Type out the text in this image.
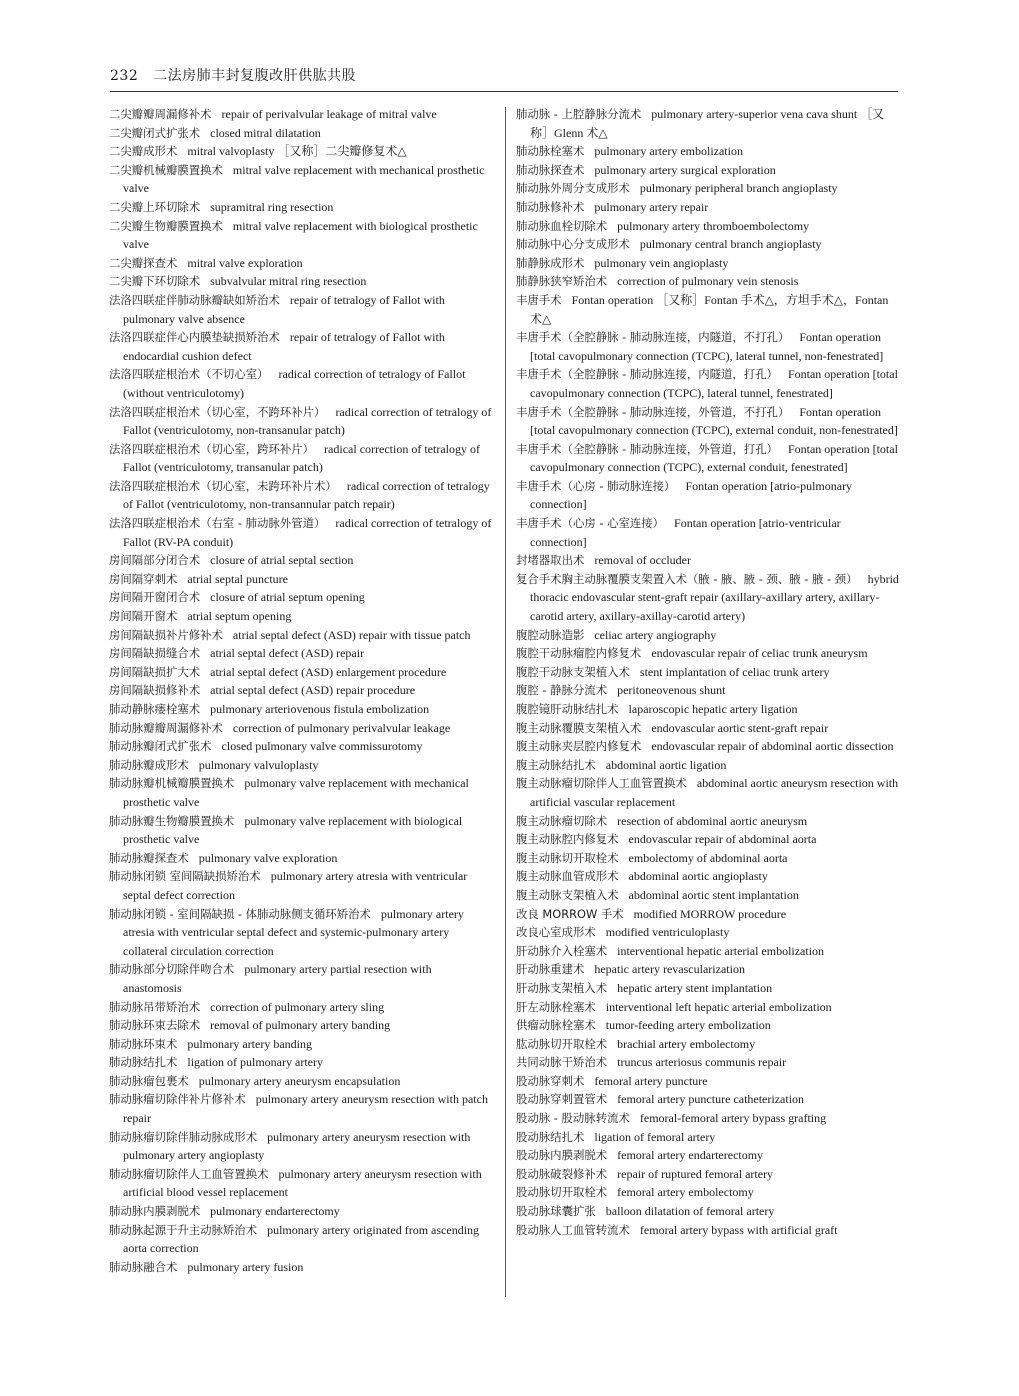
232 二法房肺丰封复腹改肝供肱共股
二尖瓣瓣周漏修补术 repair of perivalvular leakage of mitral valve
二尖瓣闭式扩张术 closed mitral dilatation
二尖瓣成形术 mitral valvoplasty ［又称］二尖瓣修复术△
二尖瓣机械瓣膜置换术 mitral valve replacement with mechanical prosthetic valve
二尖瓣上环切除术 supramitral ring resection
二尖瓣生物瓣膜置换术 mitral valve replacement with biological prosthetic valve
二尖瓣探查术 mitral valve exploration
二尖瓣下环切除术 subvalvular mitral ring resection
法洛四联症伴肺动脉瓣缺如矫治术 repair of tetralogy of Fallot with pulmonary valve absence
法洛四联症伴心内膜垫缺损矫治术 repair of tetralogy of Fallot with endocardial cushion defect
法洛四联症根治术（不切心室） radical correction of tetralogy of Fallot (without ventriculotomy)
法洛四联症根治术（切心室，不跨环补片） radical correction of tetralogy of Fallot (ventriculotomy, non-transanular patch)
法洛四联症根治术（切心室，跨环补片） radical correction of tetralogy of Fallot (ventriculotomy, transanular patch)
法洛四联症根治术（切心室，未跨环补片术） radical correction of tetralogy of Fallot (ventriculotomy, non-transannular patch repair)
法洛四联症根治术（右室 - 肺动脉外管道） radical correction of tetralogy of Fallot (RV-PA conduit)
房间隔部分闭合术 closure of atrial septal section
房间隔穿刺术 atrial septal puncture
房间隔开窗闭合术 closure of atrial septum opening
房间隔开窗术 atrial septum opening
房间隔缺损补片修补术 atrial septal defect (ASD) repair with tissue patch
房间隔缺损缝合术 atrial septal defect (ASD) repair
房间隔缺损扩大术 atrial septal defect (ASD) enlargement procedure
房间隔缺损修补术 atrial septal defect (ASD) repair procedure
肺动静脉瘘栓塞术 pulmonary arteriovenous fistula embolization
肺动脉瓣瓣周漏修补术 correction of pulmonary perivalvular leakage
肺动脉瓣闭式扩张术 closed pulmonary valve commissurotomy
肺动脉瓣成形术 pulmonary valvuloplasty
肺动脉瓣机械瓣膜置换术 pulmonary valve replacement with mechanical prosthetic valve
肺动脉瓣生物瓣膜置换术 pulmonary valve replacement with biological prosthetic valve
肺动脉瓣探查术 pulmonary valve exploration
肺动脉闭锁 室间隔缺损矫治术 pulmonary artery atresia with ventricular septal defect correction
肺动脉闭锁 - 室间隔缺损 - 体肺动脉侧支循环矫治术 pulmonary artery atresia with ventricular septal defect and systemic-pulmonary artery collateral circulation correction
肺动脉部分切除伴吻合术 pulmonary artery partial resection with anastomosis
肺动脉吊带矫治术 correction of pulmonary artery sling
肺动脉环束去除术 removal of pulmonary artery banding
肺动脉环束术 pulmonary artery banding
肺动脉结扎术 ligation of pulmonary artery
肺动脉瘤包裹术 pulmonary artery aneurysm encapsulation
肺动脉瘤切除伴补片修补术 pulmonary artery aneurysm resection with patch repair
肺动脉瘤切除伴肺动脉成形术 pulmonary artery aneurysm resection with pulmonary artery angioplasty
肺动脉瘤切除伴人工血管置换术 pulmonary artery aneurysm resection with artificial blood vessel replacement
肺动脉内膜剥脱术 pulmonary endarterectomy
肺动脉起源于升主动脉矫治术 pulmonary artery originated from ascending aorta correction
肺动脉融合术 pulmonary artery fusion
肺动脉 - 上腔静脉分流术 pulmonary artery-superior vena cava shunt ［又称］Glenn 术△
肺动脉栓塞术 pulmonary artery embolization
肺动脉探查术 pulmonary artery surgical exploration
肺动脉外周分支成形术 pulmonary peripheral branch angioplasty
肺动脉修补术 pulmonary artery repair
肺动脉血栓切除术 pulmonary artery thromboembolectomy
肺动脉中心分支成形术 pulmonary central branch angioplasty
肺静脉成形术 pulmonary vein angioplasty
肺静脉狭窄矫治术 correction of pulmonary vein stenosis
丰唐手术 Fontan operation ［又称］Fontan 手术△，方坦手术△，Fontan 术△
丰唐手术（全腔静脉 - 肺动脉连接，内隧道，不打孔） Fontan operation [total cavopulmonary connection (TCPC), lateral tunnel, non-fenestrated]
丰唐手术（全腔静脉 - 肺动脉连接，内隧道，打孔） Fontan operation [total cavopulmonary connection (TCPC), lateral tunnel, fenestrated]
丰唐手术（全腔静脉 - 肺动脉连接，外管道，不打孔） Fontan operation [total cavopulmonary connection (TCPC), external conduit, non-fenestrated]
丰唐手术（全腔静脉 - 肺动脉连接，外管道，打孔） Fontan operation [total cavopulmonary connection (TCPC), external conduit, fenestrated]
丰唐手术（心房 - 肺动脉连接） Fontan operation [atrio-pulmonary connection]
丰唐手术（心房 - 心室连接） Fontan operation [atrio-ventricular connection]
封堵器取出术 removal of occluder
复合手术胸主动脉覆膜支架置入术（腋 - 腋、腋 - 颈、腋 - 腋 - 颈） hybrid thoracic endovascular stent-graft repair (axillary-axillary artery, axillary-carotid artery, axillary-axillay-carotid artery)
腹腔动脉造影 celiac artery angiography
腹腔干动脉瘤腔内修复术 endovascular repair of celiac trunk aneurysm
腹腔干动脉支架植入术 stent implantation of celiac trunk artery
腹腔 - 静脉分流术 peritoneovenous shunt
腹腔镜肝动脉结扎术 laparoscopic hepatic artery ligation
腹主动脉覆膜支架植入术 endovascular aortic stent-graft repair
腹主动脉夹层腔内修复术 endovascular repair of abdominal aortic dissection
腹主动脉结扎术 abdominal aortic ligation
腹主动脉瘤切除伴人工血管置换术 abdominal aortic aneurysm resection with artificial vascular replacement
腹主动脉瘤切除术 resection of abdominal aortic aneurysm
腹主动脉腔内修复术 endovascular repair of abdominal aorta
腹主动脉切开取栓术 embolectomy of abdominal aorta
腹主动脉血管成形术 abdominal aortic angioplasty
腹主动脉支架植入术 abdominal aortic stent implantation
改良 MORROW 手术 modified MORROW procedure
改良心室成形术 modified ventriculoplasty
肝动脉介入栓塞术 interventional hepatic arterial embolization
肝动脉重建术 hepatic artery revascularization
肝动脉支架植入术 hepatic artery stent implantation
肝左动脉栓塞术 interventional left hepatic arterial embolization
供瘤动脉栓塞术 tumor-feeding artery embolization
肱动脉切开取栓术 brachial artery embolectomy
共同动脉干矫治术 truncus arteriosus communis repair
股动脉穿刺术 femoral artery puncture
股动脉穿刺置管术 femoral artery puncture catheterization
股动脉 - 股动脉转流术 femoral-femoral artery bypass grafting
股动脉结扎术 ligation of femoral artery
股动脉内膜剥脱术 femoral artery endarterectomy
股动脉破裂修补术 repair of ruptured femoral artery
股动脉切开取栓术 femoral artery embolectomy
股动脉球囊扩张 balloon dilatation of femoral artery
股动脉人工血管转流术 femoral artery bypass with artificial graft
